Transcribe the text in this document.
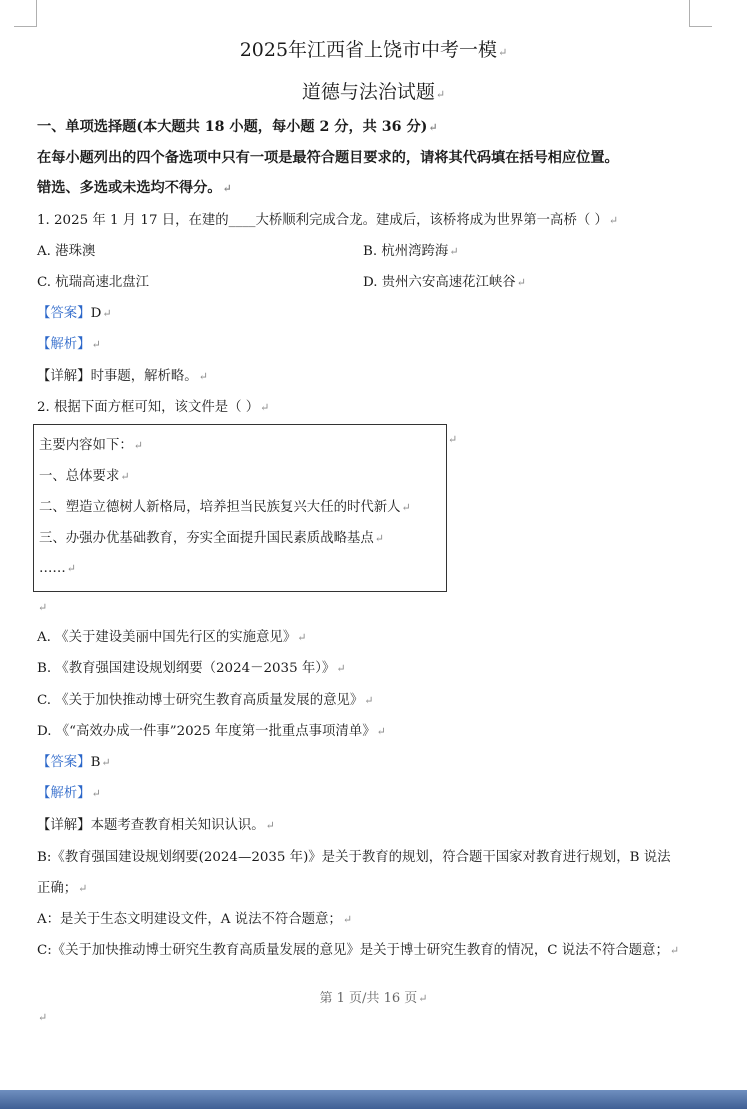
2025年江西省上饶市中考一模↵
道德与法治试题↵
一、单项选择题(本大题共 18 小题，每小题 2 分，共 36 分)↵
在每小题列出的四个备选项中只有一项是最符合题目要求的，请将其代码填在括号相应位置。
错选、多选或未选均不得分。↵
1. 2025 年 1 月 17 日，在建的____大桥顺利完成合龙。建成后，该桥将成为世界第一高桥（ ）↵
A. 港珠澳	B. 杭州湾跨海↵
C. 杭瑞高速北盘江	D. 贵州六安高速花江峡谷↵
【答案】D↵
【解析】↵
【详解】时事题，解析略。↵
2. 根据下面方框可知，该文件是（ ）↵
主要内容如下：↵
一、总体要求↵
二、塑造立德树人新格局，培养担当民族复兴大任的时代新人↵
三、办强办优基础教育，夯实全面提升国民素质战略基点↵
……↵
↵
↵
A. 《关于建设美丽中国先行区的实施意见》↵
B. 《教育强国建设规划纲要（2024－2035 年）》↵
C. 《关于加快推动博士研究生教育高质量发展的意见》↵
D. 《“高效办成一件事”2025 年度第一批重点事项清单》↵
【答案】B↵
【解析】↵
【详解】本题考查教育相关知识认识。↵
B:《教育强国建设规划纲要(2024—2035 年)》是关于教育的规划，符合题干国家对教育进行规划，B 说法
正确；↵
A：是关于生态文明建设文件，A 说法不符合题意；↵
C:《关于加快推动博士研究生教育高质量发展的意见》是关于博士研究生教育的情况，C 说法不符合题意；↵
第 1 页/共 16 页↵
↵
